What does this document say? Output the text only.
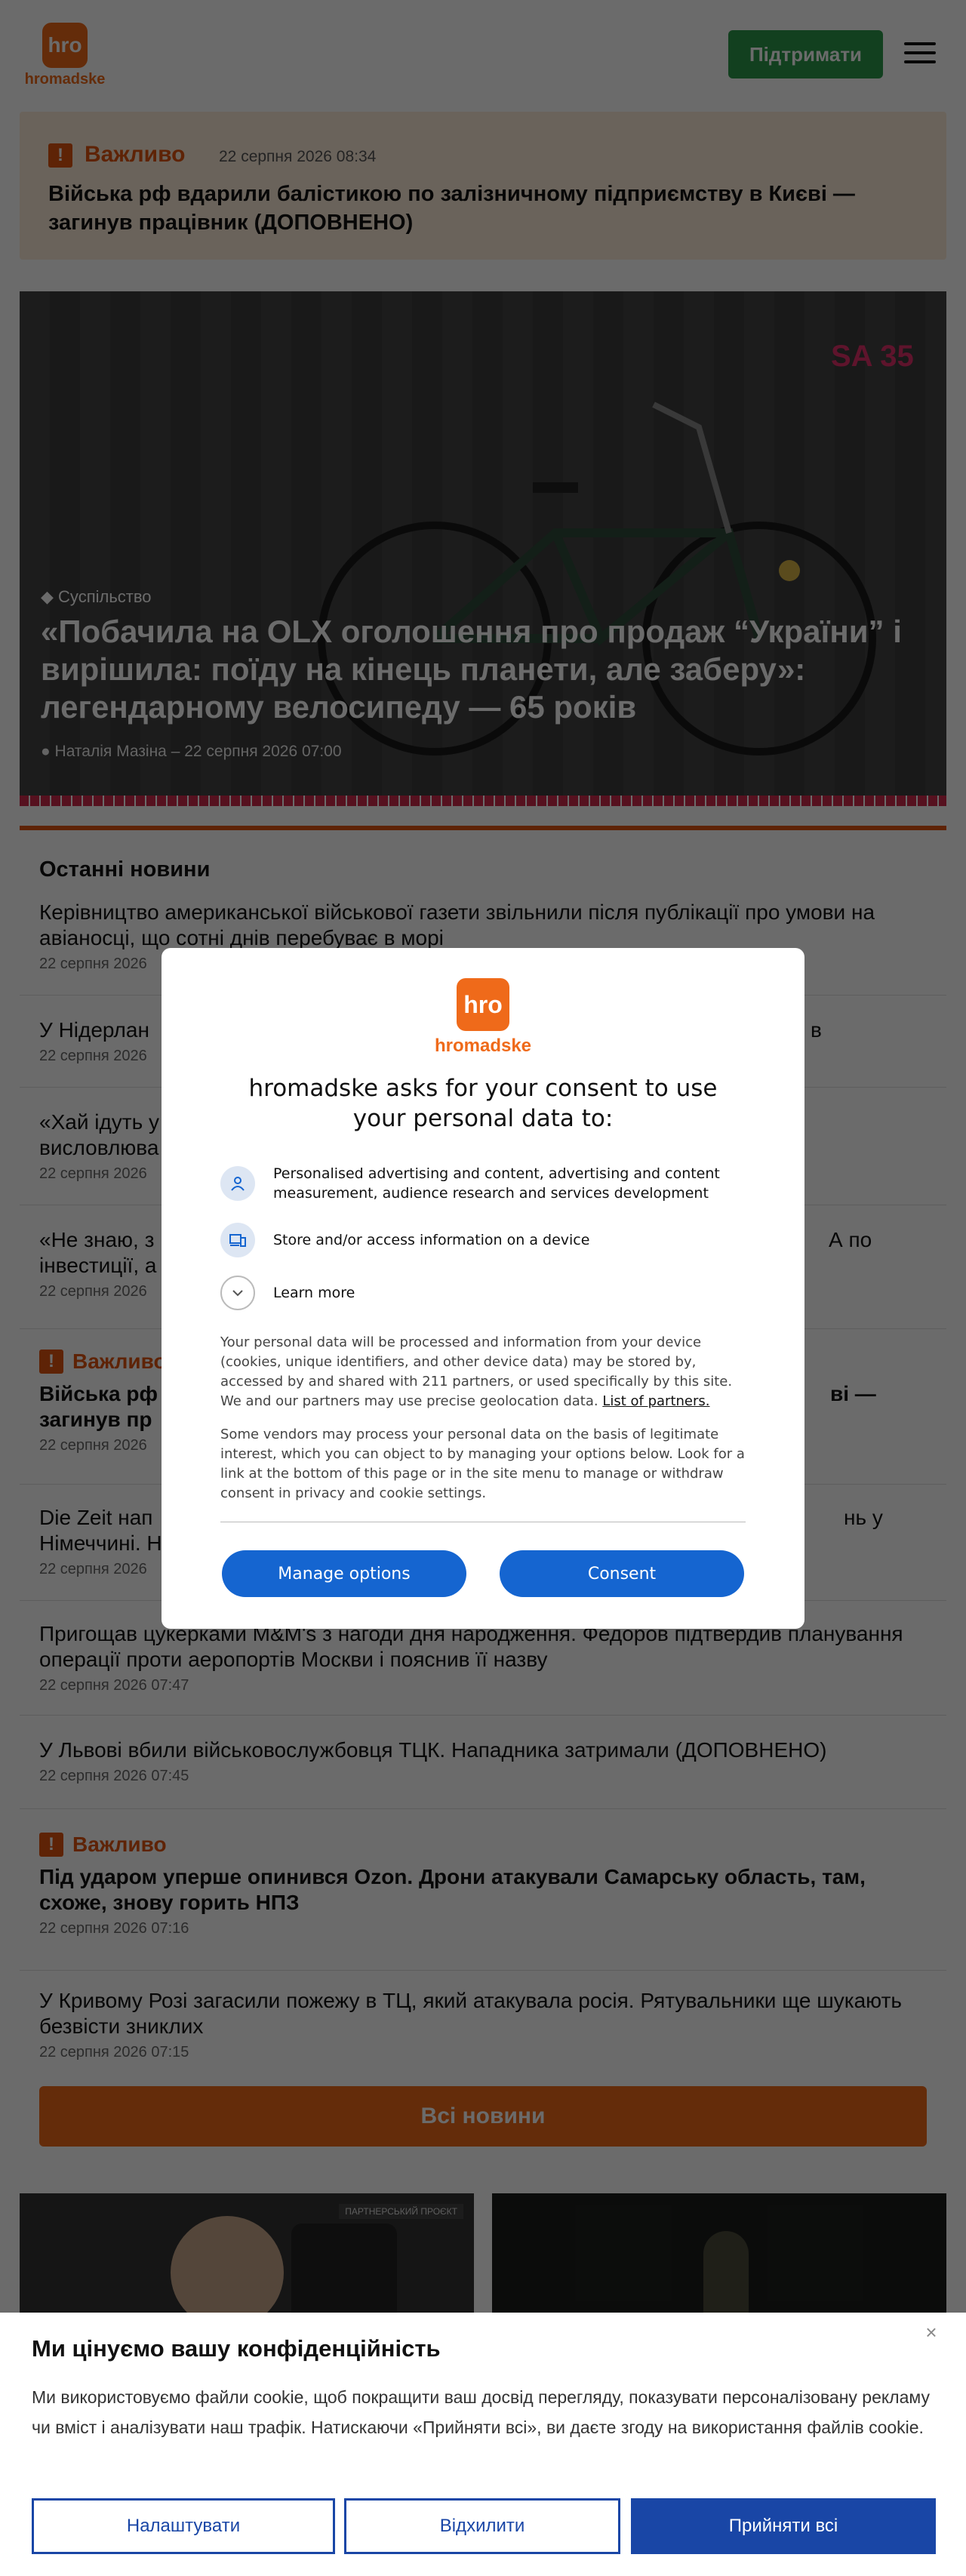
hro
hromadske
hromadske asks for your consent to use your personal data to:
Personalised advertising and content, advertising and content measurement, audience research and services development
Store and/or access information on a device
Learn more
Your personal data will be processed and information from your device (cookies, unique identifiers, and other device data) may be stored by, accessed by and shared with 211 partners, or used specifically by this site. We and our partners may use precise geolocation data. List of partners.
Some vendors may process your personal data on the basis of legitimate interest, which you can object to by managing your options below. Look for a link at the bottom of this page or in the site menu to manage or withdraw consent in privacy and cookie settings.
Manage options	Consent
Ми цінуємо вашу конфіденційність
×
Ми використовуємо файли cookie, щоб покращити ваш досвід перегляду, показувати персоналізовану рекламу чи вміст і аналізувати наш трафік. Натискаючи «Прийняти всі», ви даєте згоду на використання файлів cookie.
Налаштувати	Відхилити	Прийняти всі
